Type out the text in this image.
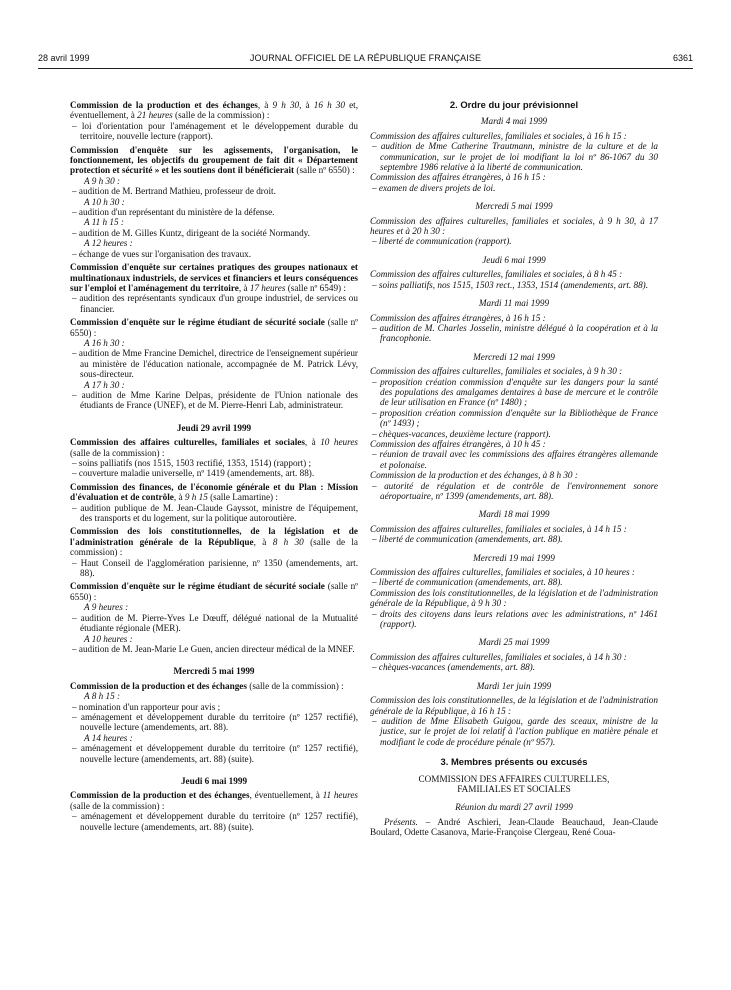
28 avril 1999	JOURNAL OFFICIEL DE LA RÉPUBLIQUE FRANÇAISE	6361

Commission de la production et des échanges, à 9 h 30, à 16 h 30 et, éventuellement, à 21 heures (salle de la commission) :

– loi d'orientation pour l'aménagement et le développement durable du territoire, nouvelle lecture (rapport).

Commission d'enquête sur les agissements, l'organisation, le fonctionnement, les objectifs du groupement de fait dit « Département protection et sécurité » et les soutiens dont il bénéficierait (salle nº 6550) :

A 9 h 30 :

– audition de M. Bertrand Mathieu, professeur de droit.

A 10 h 30 :

– audition d'un représentant du ministère de la défense.

A 11 h 15 :

– audition de M. Gilles Kuntz, dirigeant de la société Normandy.

A 12 heures :

– échange de vues sur l'organisation des travaux.

Commission d'enquête sur certaines pratiques des groupes nationaux et multinationaux industriels, de services et financiers et leurs conséquences sur l'emploi et l'aménagement du territoire, à 17 heures (salle nº 6549) :

– audition des représentants syndicaux d'un groupe industriel, de services ou financier.

Commission d'enquête sur le régime étudiant de sécurité sociale (salle nº 6550) :

A 16 h 30 :

– audition de Mme Francine Demichel, directrice de l'enseignement supérieur au ministère de l'éducation nationale, accompagnée de M. Patrick Lévy, sous-directeur.

A 17 h 30 :

– audition de Mme Karine Delpas, présidente de l'Union nationale des étudiants de France (UNEF), et de M. Pierre-Henri Lab, administrateur.

Jeudi 29 avril 1999

Commission des affaires culturelles, familiales et sociales, à 10 heures (salle de la commission) :

– soins palliatifs (nos 1515, 1503 rectifié, 1353, 1514) (rapport) ;

– couverture maladie universelle, nº 1419 (amendements, art. 88).

Commission des finances, de l'économie générale et du Plan : Mission d'évaluation et de contrôle, à 9 h 15 (salle Lamartine) :

– audition publique de M. Jean-Claude Gayssot, ministre de l'équipement, des transports et du logement, sur la politique autoroutière.

Commission des lois constitutionnelles, de la législation et de l'administration générale de la République, à 8 h 30 (salle de la commission) :

– Haut Conseil de l'agglomération parisienne, nº 1350 (amendements, art. 88).

Commission d'enquête sur le régime étudiant de sécurité sociale (salle nº 6550) :

A 9 heures :

– audition de M. Pierre-Yves Le Dœuff, délégué national de la Mutualité étudiante régionale (MER).

A 10 heures :

– audition de M. Jean-Marie Le Guen, ancien directeur médical de la MNEF.

Mercredi 5 mai 1999

Commission de la production et des échanges (salle de la commission) :

A 8 h 15 :

– nomination d'un rapporteur pour avis ;

– aménagement et développement durable du territoire (nº 1257 rectifié), nouvelle lecture (amendements, art. 88).

A 14 heures :

– aménagement et développement durable du territoire (nº 1257 rectifié), nouvelle lecture (amendements, art. 88) (suite).

Jeudi 6 mai 1999

Commission de la production et des échanges, éventuellement, à 11 heures (salle de la commission) :

– aménagement et développement durable du territoire (nº 1257 rectifié), nouvelle lecture (amendements, art. 88) (suite).

2. Ordre du jour prévisionnel

Mardi 4 mai 1999

Commission des affaires culturelles, familiales et sociales, à 16 h 15 :

– audition de Mme Catherine Trautmann, ministre de la culture et de la communication, sur le projet de loi modifiant la loi nº 86-1067 du 30 septembre 1986 relative à la liberté de communication.

Commission des affaires étrangères, à 16 h 15 :

– examen de divers projets de loi.

Mercredi 5 mai 1999

Commission des affaires culturelles, familiales et sociales, à 9 h 30, à 17 heures et à 20 h 30 :

– liberté de communication (rapport).

Jeudi 6 mai 1999

Commission des affaires culturelles, familiales et sociales, à 8 h 45 :

– soins palliatifs, nos 1515, 1503 rect., 1353, 1514 (amendements, art. 88).

Mardi 11 mai 1999

Commission des affaires étrangères, à 16 h 15 :

– audition de M. Charles Josselin, ministre délégué à la coopération et à la francophonie.

Mercredi 12 mai 1999

Commission des affaires culturelles, familiales et sociales, à 9 h 30 :

– proposition création commission d'enquête sur les dangers pour la santé des populations des amalgames dentaires à base de mercure et le contrôle de leur utilisation en France (nº 1480) ;

– proposition création commission d'enquête sur la Bibliothèque de France (nº 1493) ;

– chèques-vacances, deuxième lecture (rapport).

Commission des affaires étrangères, à 10 h 45 :

– réunion de travail avec les commissions des affaires étrangères allemande et polonaise.

Commission de la production et des échanges, à 8 h 30 :

– autorité de régulation et de contrôle de l'environnement sonore aéroportuaire, nº 1399 (amendements, art. 88).

Mardi 18 mai 1999

Commission des affaires culturelles, familiales et sociales, à 14 h 15 :

– liberté de communication (amendements, art. 88).

Mercredi 19 mai 1999

Commission des affaires culturelles, familiales et sociales, à 10 heures :

– liberté de communication (amendements, art. 88).

Commission des lois constitutionnelles, de la législation et de l'administration générale de la République, à 9 h 30 :

– droits des citoyens dans leurs relations avec les administrations, nº 1461 (rapport).

Mardi 25 mai 1999

Commission des affaires culturelles, familiales et sociales, à 14 h 30 :

– chèques-vacances (amendements, art. 88).

Mardi 1er juin 1999

Commission des lois constitutionnelles, de la législation et de l'administration générale de la République, à 16 h 15 :

– audition de Mme Elisabeth Guigou, garde des sceaux, ministre de la justice, sur le projet de loi relatif à l'action publique en matière pénale et modifiant le code de procédure pénale (nº 957).

3. Membres présents ou excusés

COMMISSION DES AFFAIRES CULTURELLES, FAMILIALES ET SOCIALES

Réunion du mardi 27 avril 1999

Présents. – André Aschieri, Jean-Claude Beauchaud, Jean-Claude Boulard, Odette Casanova, Marie-Françoise Clergeau, René Coua-
